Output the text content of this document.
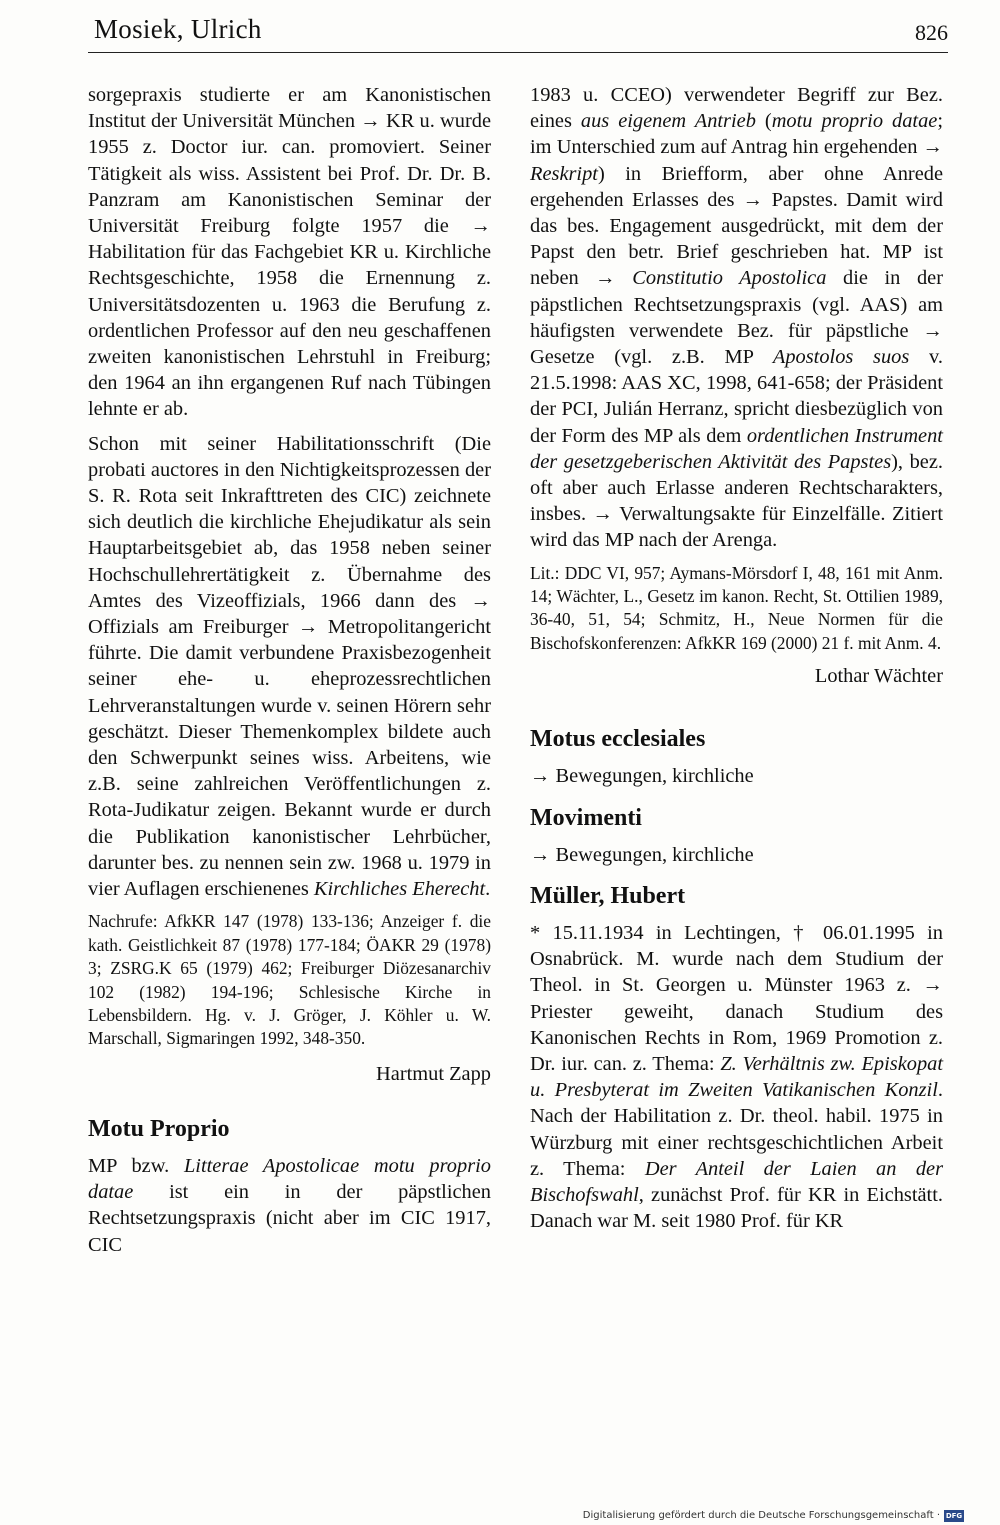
Mosiek, Ulrich	826

sorgepraxis studierte er am Kanonistischen Institut der Universität München → KR u. wurde 1955 z. Doctor iur. can. promoviert. Seiner Tätigkeit als wiss. Assistent bei Prof. Dr. Dr. B. Panzram am Kanonistischen Seminar der Universität Freiburg folgte 1957 die → Habilitation für das Fachgebiet KR u. Kirchliche Rechtsgeschichte, 1958 die Ernennung z. Universitätsdozenten u. 1963 die Berufung z. ordentlichen Professor auf den neu geschaffenen zweiten kanonistischen Lehrstuhl in Freiburg; den 1964 an ihn ergangenen Ruf nach Tübingen lehnte er ab.

Schon mit seiner Habilitationsschrift (Die probati auctores in den Nichtigkeitsprozessen der S. R. Rota seit Inkrafttreten des CIC) zeichnete sich deutlich die kirchliche Ehejudikatur als sein Hauptarbeitsgebiet ab, das 1958 neben seiner Hochschullehrertätigkeit z. Übernahme des Amtes des Vizeoffizials, 1966 dann des → Offizials am Freiburger → Metropolitangericht führte. Die damit verbundene Praxisbezogenheit seiner ehe- u. eheprozessrechtlichen Lehrveranstaltungen wurde v. seinen Hörern sehr geschätzt. Dieser Themenkomplex bildete auch den Schwerpunkt seines wiss. Arbeitens, wie z.B. seine zahlreichen Veröffentlichungen z. Rota-Judikatur zeigen. Bekannt wurde er durch die Publikation kanonistischer Lehrbücher, darunter bes. zu nennen sein zw. 1968 u. 1979 in vier Auflagen erschienenes Kirchliches Eherecht.

Nachrufe: AfkKR 147 (1978) 133-136; Anzeiger f. die kath. Geistlichkeit 87 (1978) 177-184; ÖAKR 29 (1978) 3; ZSRG.K 65 (1979) 462; Freiburger Diözesanarchiv 102 (1982) 194-196; Schlesische Kirche in Lebensbildern. Hg. v. J. Gröger, J. Köhler u. W. Marschall, Sigmaringen 1992, 348-350.

Hartmut Zapp

Motu Proprio

MP bzw. Litterae Apostolicae motu proprio datae ist ein in der päpstlichen Rechtsetzungspraxis (nicht aber im CIC 1917, CIC

1983 u. CCEO) verwendeter Begriff zur Bez. eines aus eigenem Antrieb (motu proprio datae; im Unterschied zum auf Antrag hin ergehenden → Reskript) in Briefform, aber ohne Anrede ergehenden Erlasses des → Papstes. Damit wird das bes. Engagement ausgedrückt, mit dem der Papst den betr. Brief geschrieben hat. MP ist neben → Constitutio Apostolica die in der päpstlichen Rechtsetzungspraxis (vgl. AAS) am häufigsten verwendete Bez. für päpstliche → Gesetze (vgl. z.B. MP Apostolos suos v. 21.5.1998: AAS XC, 1998, 641-658; der Präsident der PCI, Julián Herranz, spricht diesbezüglich von der Form des MP als dem ordentlichen Instrument der gesetzgeberischen Aktivität des Papstes), bez. oft aber auch Erlasse anderen Rechtscharakters, insbes. → Verwaltungsakte für Einzelfälle. Zitiert wird das MP nach der Arenga.

Lit.: DDC VI, 957; Aymans-Mörsdorf I, 48, 161 mit Anm. 14; Wächter, L., Gesetz im kanon. Recht, St. Ottilien 1989, 36-40, 51, 54; Schmitz, H., Neue Normen für die Bischofskonferenzen: AfkKR 169 (2000) 21 f. mit Anm. 4.

Lothar Wächter

Motus ecclesiales

→ Bewegungen, kirchliche

Movimenti

→ Bewegungen, kirchliche

Müller, Hubert

* 15.11.1934 in Lechtingen, † 06.01.1995 in Osnabrück. M. wurde nach dem Studium der Theol. in St. Georgen u. Münster 1963 z. → Priester geweiht, danach Studium des Kanonischen Rechts in Rom, 1969 Promotion z. Dr. iur. can. z. Thema: Z. Verhältnis zw. Episkopat u. Presbyterat im Zweiten Vatikanischen Konzil. Nach der Habilitation z. Dr. theol. habil. 1975 in Würzburg mit einer rechtsgeschichtlichen Arbeit z. Thema: Der Anteil der Laien an der Bischofswahl, zunächst Prof. für KR in Eichstätt. Danach war M. seit 1980 Prof. für KR

Digitalisierung gefördert durch die Deutsche Forschungsgemeinschaft · DFG
